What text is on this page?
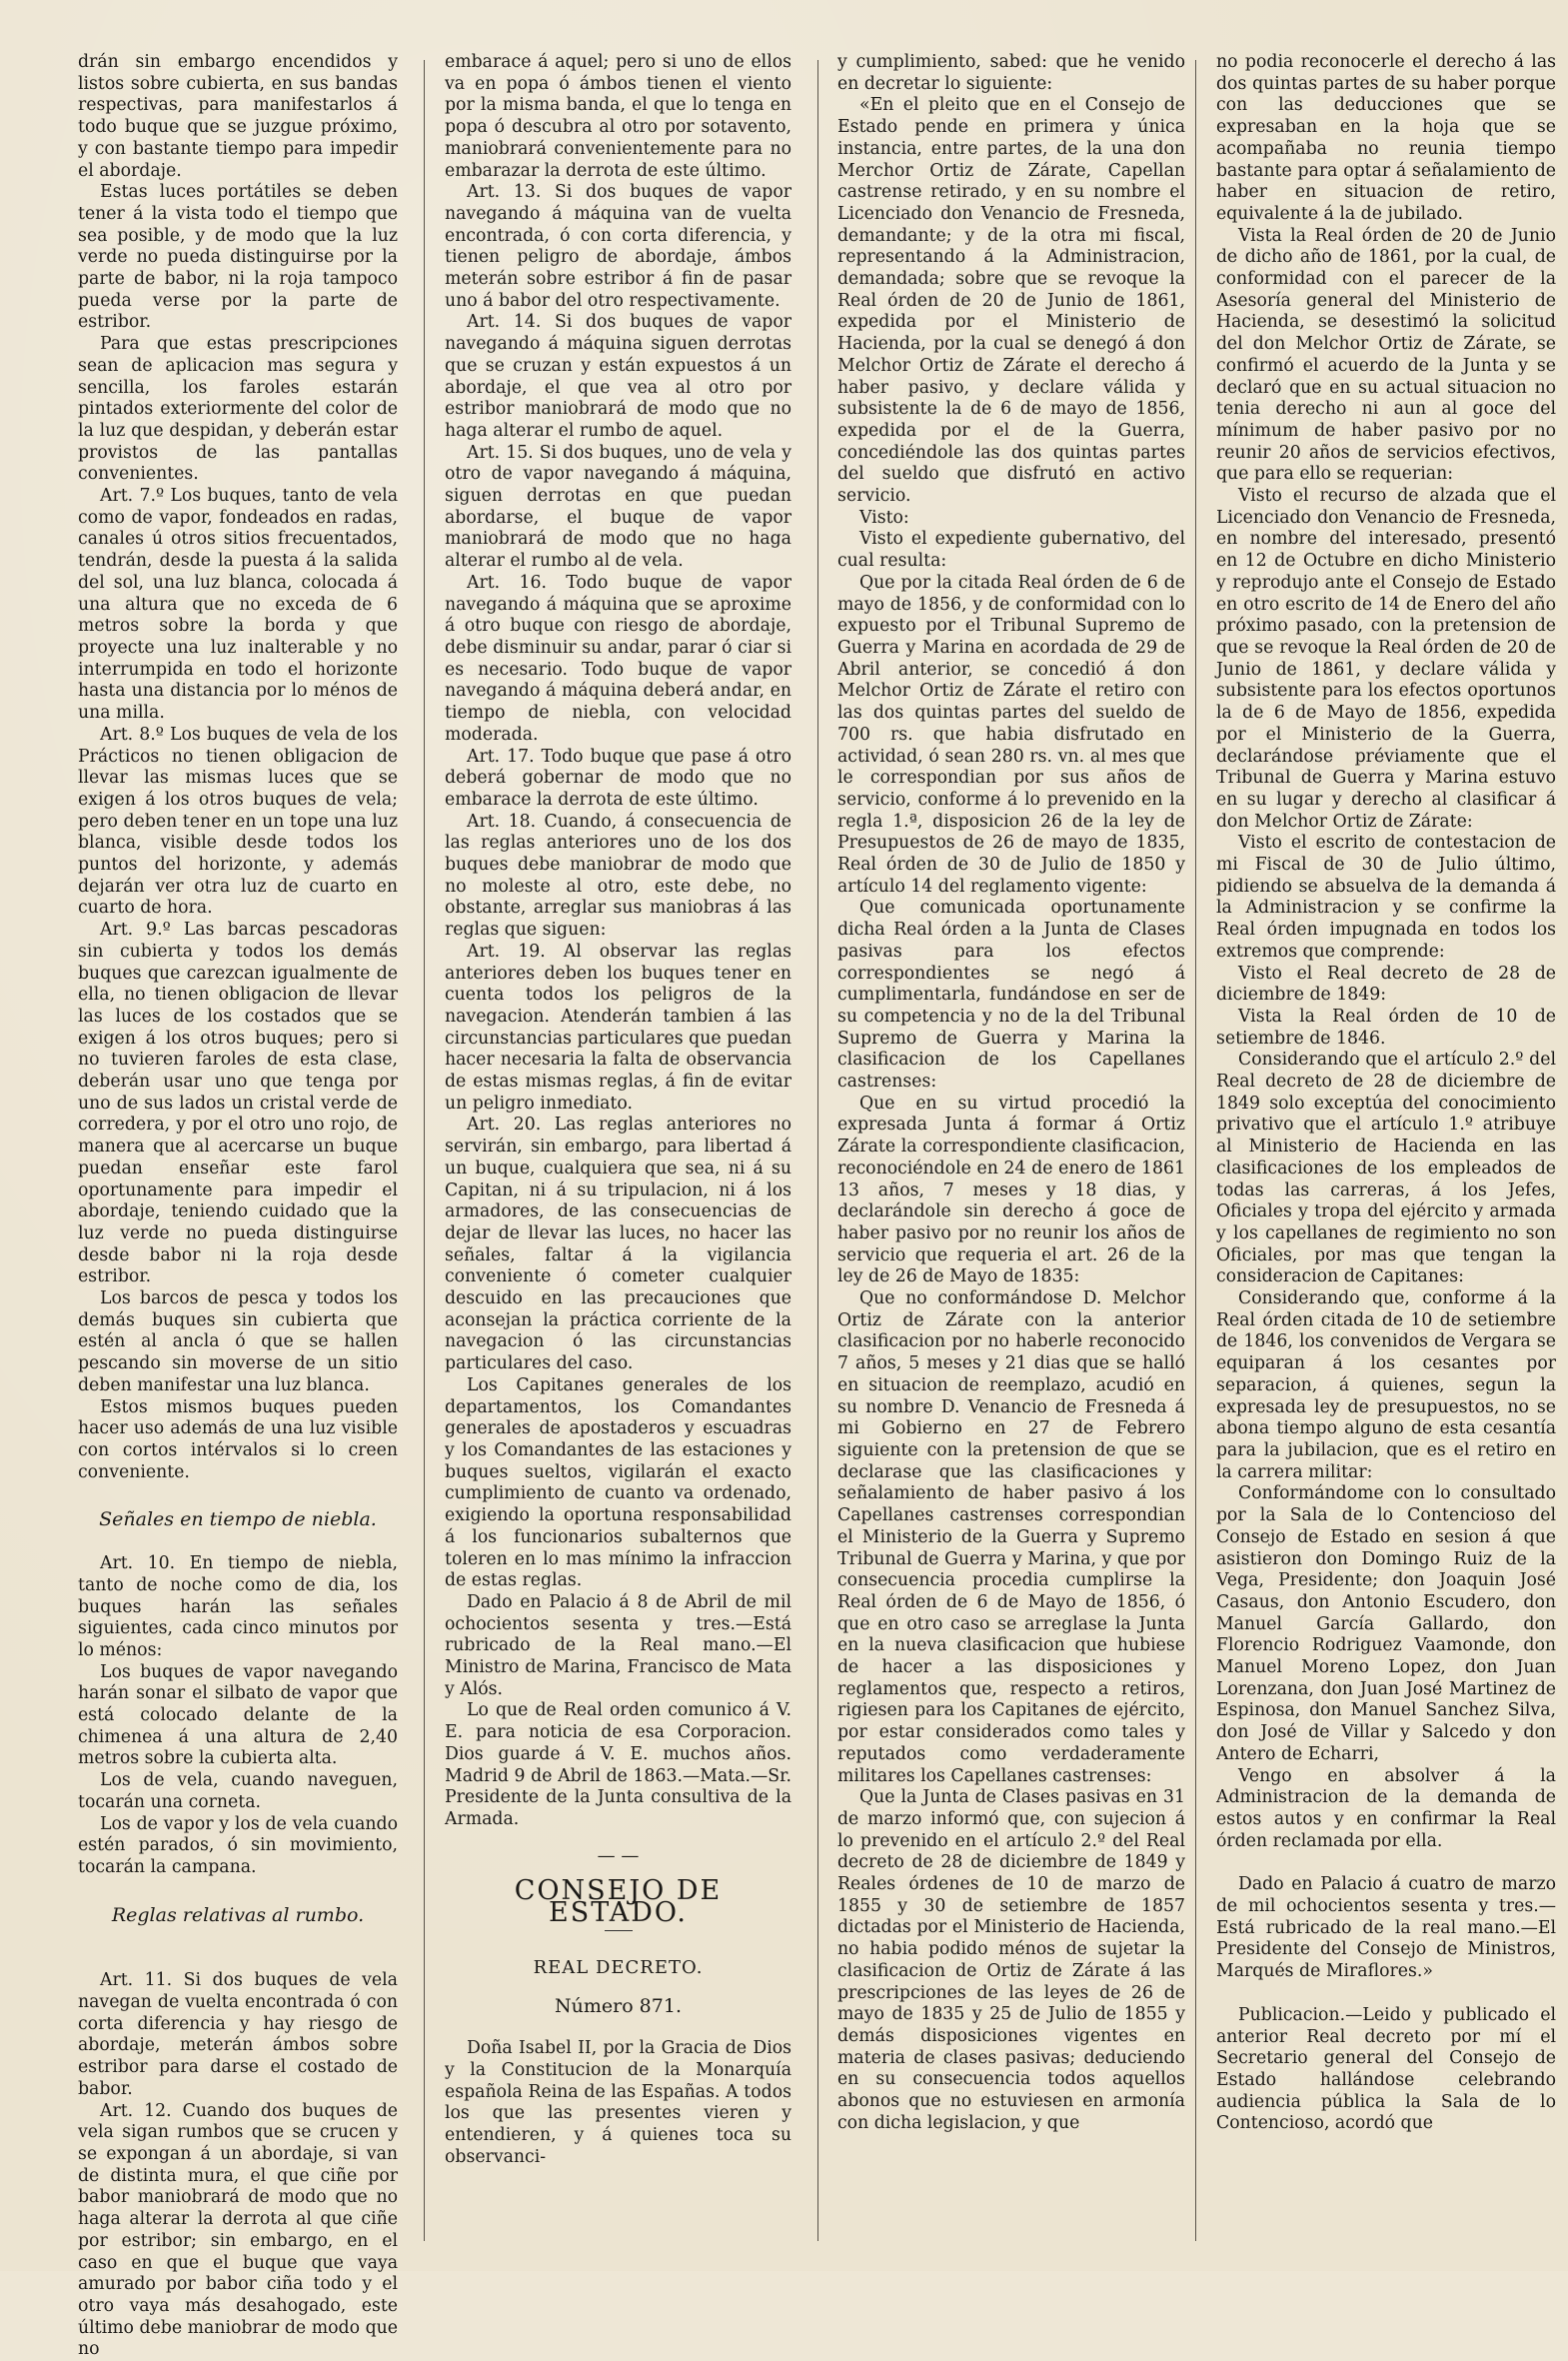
drán sin embargo encendidos y listos sobre cubierta, en sus bandas respectivas, para manifestarlos á todo buque que se juzgue próximo, y con bastante tiempo para impedir el abordaje.

Estas luces portátiles se deben tener á la vista todo el tiempo que sea posible, y de modo que la luz verde no pueda distinguirse por la parte de babor, ni la roja tampoco pueda verse por la parte de estribor.

Para que estas prescripciones sean de aplicacion mas segura y sencilla, los faroles estarán pintados exteriormente del color de la luz que despidan, y deberán estar provistos de las pantallas convenientes.

Art. 7.º Los buques, tanto de vela como de vapor, fondeados en radas, canales ú otros sitios frecuentados, tendrán, desde la puesta á la salida del sol, una luz blanca, colocada á una altura que no exceda de 6 metros sobre la borda y que proyecte una luz inalterable y no interrumpida en todo el horizonte hasta una distancia por lo ménos de una milla.

Art. 8.º Los buques de vela de los Prácticos no tienen obligacion de llevar las mismas luces que se exigen á los otros buques de vela; pero deben tener en un tope una luz blanca, visible desde todos los puntos del horizonte, y además dejarán ver otra luz de cuarto en cuarto de hora.

Art. 9.º Las barcas pescadoras sin cubierta y todos los demás buques que carezcan igualmente de ella, no tienen obligacion de llevar las luces de los costados que se exigen á los otros buques; pero si no tuvieren faroles de esta clase, deberán usar uno que tenga por uno de sus lados un cristal verde de corredera, y por el otro uno rojo, de manera que al acercarse un buque puedan enseñar este farol oportunamente para impedir el abordaje, teniendo cuidado que la luz verde no pueda distinguirse desde babor ni la roja desde estribor.

Los barcos de pesca y todos los demás buques sin cubierta que estén al ancla ó que se hallen pescando sin moverse de un sitio deben manifestar una luz blanca.

Estos mismos buques pueden hacer uso además de una luz visible con cortos intérvalos si lo creen conveniente.

Señales en tiempo de niebla.

Art. 10. En tiempo de niebla, tanto de noche como de dia, los buques harán las señales siguientes, cada cinco minutos por lo ménos:

Los buques de vapor navegando harán sonar el silbato de vapor que está colocado delante de la chimenea á una altura de 2,40 metros sobre la cubierta alta.

Los de vela, cuando naveguen, tocarán una corneta.

Los de vapor y los de vela cuando estén parados, ó sin movimiento, tocarán la campana.

Reglas relativas al rumbo.

Art. 11. Si dos buques de vela navegan de vuelta encontrada ó con corta diferencia y hay riesgo de abordaje, meterán ámbos sobre estribor para darse el costado de babor.

Art. 12. Cuando dos buques de vela sigan rumbos que se crucen y se expongan á un abordaje, si van de distinta mura, el que ciñe por babor maniobrará de modo que no haga alterar la derrota al que ciñe por estribor; sin embargo, en el caso en que el buque que vaya amurado por babor ciña todo y el otro vaya más desahogado, este último debe maniobrar de modo que no

embarace á aquel; pero si uno de ellos va en popa ó ámbos tienen el viento por la misma banda, el que lo tenga en popa ó descubra al otro por sotavento, maniobrará convenientemente para no embarazar la derrota de este último.

Art. 13. Si dos buques de vapor navegando á máquina van de vuelta encontrada, ó con corta diferencia, y tienen peligro de abordaje, ámbos meterán sobre estribor á fin de pasar uno á babor del otro respectivamente.

Art. 14. Si dos buques de vapor navegando á máquina siguen derrotas que se cruzan y están expuestos á un abordaje, el que vea al otro por estribor maniobrará de modo que no haga alterar el rumbo de aquel.

Art. 15. Si dos buques, uno de vela y otro de vapor navegando á máquina, siguen derrotas en que puedan abordarse, el buque de vapor maniobrará de modo que no haga alterar el rumbo al de vela.

Art. 16. Todo buque de vapor navegando á máquina que se aproxime á otro buque con riesgo de abordaje, debe disminuir su andar, parar ó ciar si es necesario. Todo buque de vapor navegando á máquina deberá andar, en tiempo de niebla, con velocidad moderada.

Art. 17. Todo buque que pase á otro deberá gobernar de modo que no embarace la derrota de este último.

Art. 18. Cuando, á consecuencia de las reglas anteriores uno de los dos buques debe maniobrar de modo que no moleste al otro, este debe, no obstante, arreglar sus maniobras á las reglas que siguen:

Art. 19. Al observar las reglas anteriores deben los buques tener en cuenta todos los peligros de la navegacion. Atenderán tambien á las circunstancias particulares que puedan hacer necesaria la falta de observancia de estas mismas reglas, á fin de evitar un peligro inmediato.

Art. 20. Las reglas anteriores no servirán, sin embargo, para libertad á un buque, cualquiera que sea, ni á su Capitan, ni á su tripulacion, ni á los armadores, de las consecuencias de dejar de llevar las luces, no hacer las señales, faltar á la vigilancia conveniente ó cometer cualquier descuido en las precauciones que aconsejan la práctica corriente de la navegacion ó las circunstancias particulares del caso.

Los Capitanes generales de los departamentos, los Comandantes generales de apostaderos y escuadras y los Comandantes de las estaciones y buques sueltos, vigilarán el exacto cumplimiento de cuanto va ordenado, exigiendo la oportuna responsabilidad á los funcionarios subalternos que toleren en lo mas mínimo la infraccion de estas reglas.

Dado en Palacio á 8 de Abril de mil ochocientos sesenta y tres.—Está rubricado de la Real mano.—El Ministro de Marina, Francisco de Mata y Alós.

Lo que de Real orden comunico á V. E. para noticia de esa Corporacion. Dios guarde á V. E. muchos años. Madrid 9 de Abril de 1863.—Mata.—Sr. Presidente de la Junta consultiva de la Armada.

— —
CONSEJO DE ESTADO.
REAL DECRETO.
Número 871.

Doña Isabel II, por la Gracia de Dios y la Constitucion de la Monarquía española Reina de las Españas. A todos los que las presentes vieren y entendieren, y á quienes toca su observanci-

y cumplimiento, sabed: que he venido en decretar lo siguiente:

«En el pleito que en el Consejo de Estado pende en primera y única instancia, entre partes, de la una don Merchor Ortiz de Zárate, Capellan castrense retirado, y en su nombre el Licenciado don Venancio de Fresneda, demandante; y de la otra mi fiscal, representando á la Administracion, demandada; sobre que se revoque la Real órden de 20 de Junio de 1861, expedida por el Ministerio de Hacienda, por la cual se denegó á don Melchor Ortiz de Zárate el derecho á haber pasivo, y declare válida y subsistente la de 6 de mayo de 1856, expedida por el de la Guerra, concediéndole las dos quintas partes del sueldo que disfrutó en activo servicio.

Visto:

Visto el expediente gubernativo, del cual resulta:

Que por la citada Real órden de 6 de mayo de 1856, y de conformidad con lo expuesto por el Tribunal Supremo de Guerra y Marina en acordada de 29 de Abril anterior, se concedió á don Melchor Ortiz de Zárate el retiro con las dos quintas partes del sueldo de 700 rs. que habia disfrutado en actividad, ó sean 280 rs. vn. al mes que le correspondian por sus años de servicio, conforme á lo prevenido en la regla 1.ª, disposicion 26 de la ley de Presupuestos de 26 de mayo de 1835, Real órden de 30 de Julio de 1850 y artículo 14 del reglamento vigente:

Que comunicada oportunamente dicha Real órden a la Junta de Clases pasivas para los efectos correspondientes se negó á cumplimentarla, fundándose en ser de su competencia y no de la del Tribunal Supremo de Guerra y Marina la clasificacion de los Capellanes castrenses:

Que en su virtud procedió la expresada Junta á formar á Ortiz Zárate la correspondiente clasificacion, reconociéndole en 24 de enero de 1861 13 años, 7 meses y 18 dias, y declarándole sin derecho á goce de haber pasivo por no reunir los años de servicio que requeria el art. 26 de la ley de 26 de Mayo de 1835:

Que no conformándose D. Melchor Ortiz de Zárate con la anterior clasificacion por no haberle reconocido 7 años, 5 meses y 21 dias que se halló en situacion de reemplazo, acudió en su nombre D. Venancio de Fresneda á mi Gobierno en 27 de Febrero siguiente con la pretension de que se declarase que las clasificaciones y señalamiento de haber pasivo á los Capellanes castrenses correspondian el Ministerio de la Guerra y Supremo Tribunal de Guerra y Marina, y que por consecuencia procedia cumplirse la Real órden de 6 de Mayo de 1856, ó que en otro caso se arreglase la Junta en la nueva clasificacion que hubiese de hacer a las disposiciones y reglamentos que, respecto a retiros, rigiesen para los Capitanes de ejército, por estar considerados como tales y reputados como verdaderamente militares los Capellanes castrenses:

Que la Junta de Clases pasivas en 31 de marzo informó que, con sujecion á lo prevenido en el artículo 2.º del Real decreto de 28 de diciembre de 1849 y Reales órdenes de 10 de marzo de 1855 y 30 de setiembre de 1857 dictadas por el Ministerio de Hacienda, no habia podido ménos de sujetar la clasificacion de Ortiz de Zárate á las prescripciones de las leyes de 26 de mayo de 1835 y 25 de Julio de 1855 y demás disposiciones vigentes en materia de clases pasivas; deduciendo en su consecuencia todos aquellos abonos que no estuviesen en armonía con dicha legislacion, y que

no podia reconocerle el derecho á las dos quintas partes de su haber porque con las deducciones que se expresaban en la hoja que se acompañaba no reunia tiempo bastante para optar á señalamiento de haber en situacion de retiro, equivalente á la de jubilado.

Vista la Real órden de 20 de Junio de dicho año de 1861, por la cual, de conformidad con el parecer de la Asesoría general del Ministerio de Hacienda, se desestimó la solicitud del don Melchor Ortiz de Zárate, se confirmó el acuerdo de la Junta y se declaró que en su actual situacion no tenia derecho ni aun al goce del mínimum de haber pasivo por no reunir 20 años de servicios efectivos, que para ello se requerian:

Visto el recurso de alzada que el Licenciado don Venancio de Fresneda, en nombre del interesado, presentó en 12 de Octubre en dicho Ministerio y reprodujo ante el Consejo de Estado en otro escrito de 14 de Enero del año próximo pasado, con la pretension de que se revoque la Real órden de 20 de Junio de 1861, y declare válida y subsistente para los efectos oportunos la de 6 de Mayo de 1856, expedida por el Ministerio de la Guerra, declarándose préviamente que el Tribunal de Guerra y Marina estuvo en su lugar y derecho al clasificar á don Melchor Ortiz de Zárate:

Visto el escrito de contestacion de mi Fiscal de 30 de Julio último, pidiendo se absuelva de la demanda á la Administracion y se confirme la Real órden impugnada en todos los extremos que comprende:

Visto el Real decreto de 28 de diciembre de 1849:

Vista la Real órden de 10 de setiembre de 1846.

Considerando que el artículo 2.º del Real decreto de 28 de diciembre de 1849 solo exceptúa del conocimiento privativo que el artículo 1.º atribuye al Ministerio de Hacienda en las clasificaciones de los empleados de todas las carreras, á los Jefes, Oficiales y tropa del ejército y armada y los capellanes de regimiento no son Oficiales, por mas que tengan la consideracion de Capitanes:

Considerando que, conforme á la Real órden citada de 10 de setiembre de 1846, los convenidos de Vergara se equiparan á los cesantes por separacion, á quienes, segun la expresada ley de presupuestos, no se abona tiempo alguno de esta cesantía para la jubilacion, que es el retiro en la carrera militar:

Conformándome con lo consultado por la Sala de lo Contencioso del Consejo de Estado en sesion á que asistieron don Domingo Ruiz de la Vega, Presidente; don Joaquin José Casaus, don Antonio Escudero, don Manuel García Gallardo, don Florencio Rodriguez Vaamonde, don Manuel Moreno Lopez, don Juan Lorenzana, don Juan José Martinez de Espinosa, don Manuel Sanchez Silva, don José de Villar y Salcedo y don Antero de Echarri,

Vengo en absolver á la Administracion de la demanda de estos autos y en confirmar la Real órden reclamada por ella.

Dado en Palacio á cuatro de marzo de mil ochocientos sesenta y tres.—Está rubricado de la real mano.—El Presidente del Consejo de Ministros, Marqués de Miraflores.»

Publicacion.—Leido y publicado el anterior Real decreto por mí el Secretario general del Consejo de Estado hallándose celebrando audiencia pública la Sala de lo Contencioso, acordó que
